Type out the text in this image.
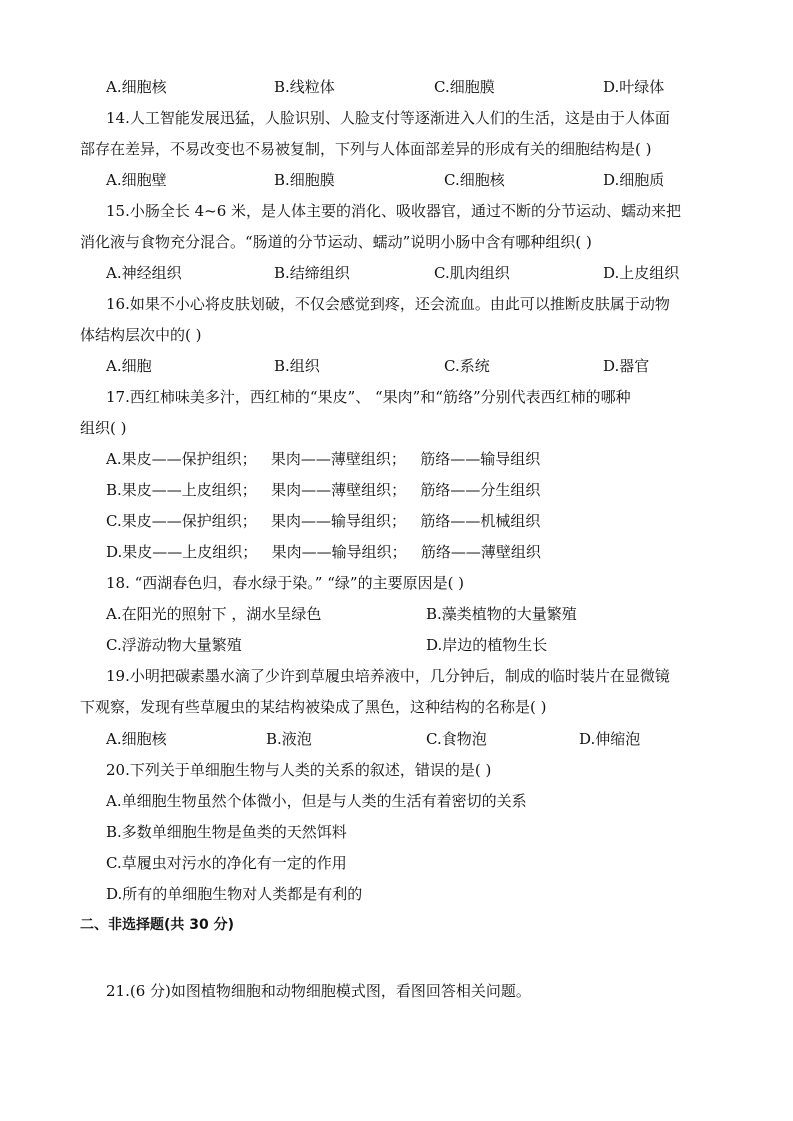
A.细胞核	B.线粒体	C.细胞膜	D.叶绿体
14.人工智能发展迅猛，人脸识别、人脸支付等逐渐进入人们的生活，这是由于人体面
部存在差异，不易改变也不易被复制，下列与人体面部差异的形成有关的细胞结构是( )
A.细胞壁	B.细胞膜	C.细胞核	D.细胞质
15.小肠全长 4~6 米，是人体主要的消化、吸收器官，通过不断的分节运动、蠕动来把
消化液与食物充分混合。“肠道的分节运动、蠕动”说明小肠中含有哪种组织( )
A.神经组织	B.结缔组织	C.肌肉组织	D.上皮组织
16.如果不小心将皮肤划破，不仅会感觉到疼，还会流血。由此可以推断皮肤属于动物
体结构层次中的( )
A.细胞	B.组织	C.系统	D.器官
17.西红柿味美多汁，西红柿的“果皮”、 “果肉”和“筋络”分别代表西红柿的哪种
组织( )
A.果皮——保护组织；   果肉——薄壁组织；   筋络——输导组织
B.果皮——上皮组织；   果肉——薄壁组织；   筋络——分生组织
C.果皮——保护组织；   果肉——输导组织；   筋络——机械组织
D.果皮——上皮组织；   果肉——输导组织；   筋络——薄壁组织
18. “西湖春色归，春水绿于染。” “绿”的主要原因是( )
A.在阳光的照射下 ，湖水呈绿色	B.藻类植物的大量繁殖
C.浮游动物大量繁殖	D.岸边的植物生长
19.小明把碳素墨水滴了少许到草履虫培养液中，几分钟后，制成的临时装片在显微镜
下观察，发现有些草履虫的某结构被染成了黑色，这种结构的名称是( )
A.细胞核	B.液泡	C.食物泡	D.伸缩泡
20.下列关于单细胞生物与人类的关系的叙述，错误的是( )
A.单细胞生物虽然个体微小，但是与人类的生活有着密切的关系
B.多数单细胞生物是鱼类的天然饵料
C.草履虫对污水的净化有一定的作用
D.所有的单细胞生物对人类都是有利的
二、非选择题(共 30 分)
21.(6 分)如图植物细胞和动物细胞模式图，看图回答相关问题。
